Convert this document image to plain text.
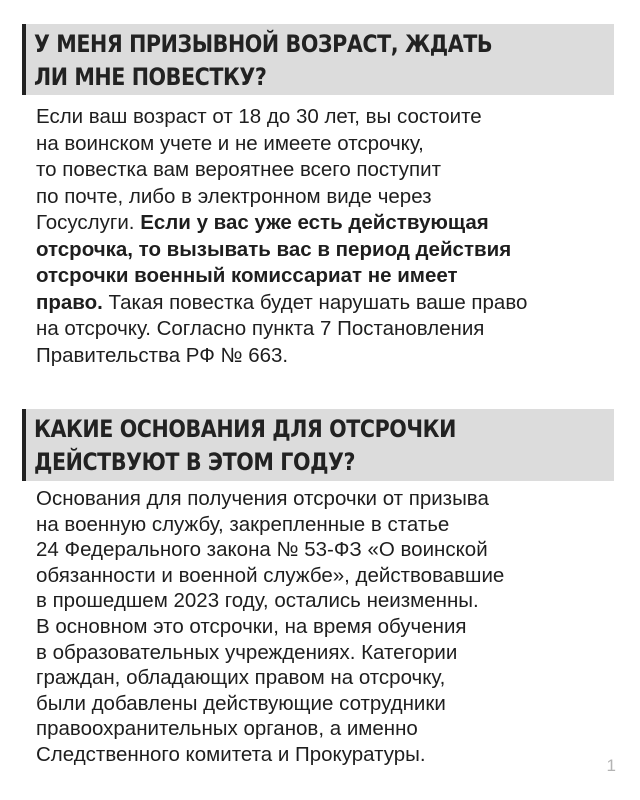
У МЕНЯ ПРИЗЫВНОЙ ВОЗРАСТ, ЖДАТЬ
ЛИ МНЕ ПОВЕСТКУ?
Если ваш возраст от 18 до 30 лет, вы состоите
на воинском учете и не имеете отсрочку,
то повестка вам вероятнее всего поступит
по почте, либо в электронном виде через
Госуслуги. Если у вас уже есть действующая
отсрочка, то вызывать вас в период действия
отсрочки военный комиссариат не имеет
право. Такая повестка будет нарушать ваше право
на отсрочку. Согласно пункта 7 Постановления
Правительства РФ № 663.
КАКИЕ ОСНОВАНИЯ ДЛЯ ОТСРОЧКИ
ДЕЙСТВУЮТ В ЭТОМ ГОДУ?
Основания для получения отсрочки от призыва
на военную службу, закрепленные в статье
24 Федерального закона № 53-ФЗ «О воинской
обязанности и военной службе», действовавшие
в прошедшем 2023 году, остались неизменны.
В основном это отсрочки, на время обучения
в образовательных учреждениях. Категории
граждан, обладающих правом на отсрочку,
были добавлены действующие сотрудники
правоохранительных органов, а именно
Следственного комитета и Прокуратуры.	1
